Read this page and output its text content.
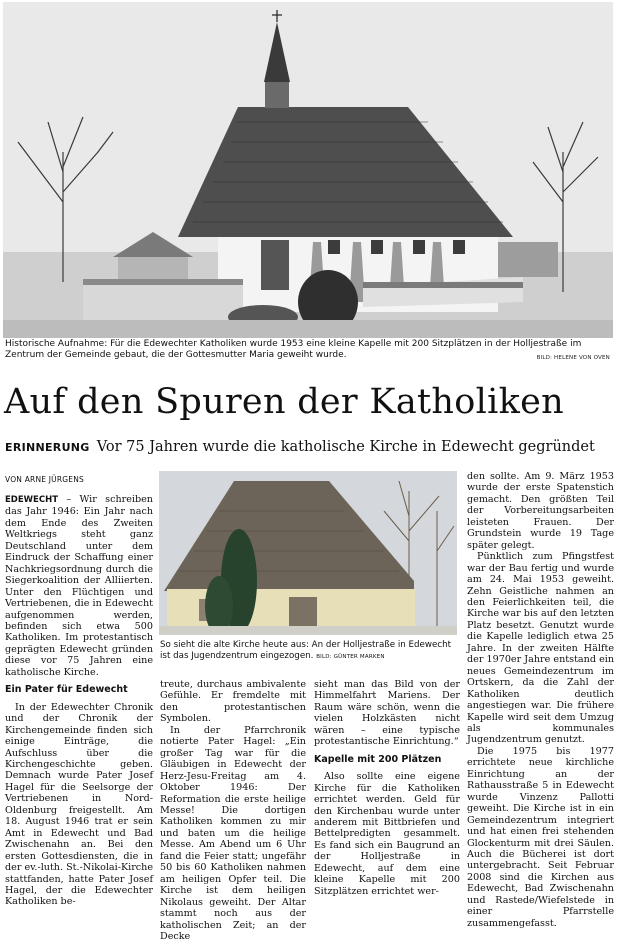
Historische Aufnahme: Für die Edewechter Katholiken wurde 1953 eine kleine Kapelle mit 200 Sitzplätzen in der Holljestraße im Zentrum der Gemeinde gebaut, die der Gottesmutter Maria geweiht wurde.	BILD: HELENE VON OVEN
Auf den Spuren der Katholiken
ERINNERUNG Vor 75 Jahren wurde die katholische Kirche in Edewecht gegründet
VON ARNE JÜRGENS

EDEWECHT – Wir schreiben das Jahr 1946: Ein Jahr nach dem Ende des Zweiten Weltkriegs steht ganz Deutschland unter dem Eindruck der Schaffung einer Nachkriegsordnung durch die Siegerkoalition der Alliierten. Unter den Flüchtigen und Vertriebenen, die in Edewecht aufgenommen werden, befinden sich etwa 500 Katholiken. Im protestantisch geprägten Edewecht gründen diese vor 75 Jahren eine katholische Kirche.

Ein Pater für Edewecht

In der Edewechter Chronik und der Chronik der Kirchengemeinde finden sich einige Einträge, die Aufschluss über die Kirchengeschichte geben. Demnach wurde Pater Josef Hagel für die Seelsorge der Vertriebenen in Nord-Oldenburg freigestellt. Am 18. August 1946 trat er sein Amt in Edewecht und Bad Zwischenahn an. Bei den ersten Gottesdiensten, die in der ev.-luth. St.-Nikolai-Kirche stattfanden, hatte Pater Josef Hagel, der die Edewechter Katholiken be-

So sieht die alte Kirche heute aus: An der Holljestraße in Edewecht ist das Jugendzentrum eingezogen. BILD: GÜNTER MARKEN

treute, durchaus ambivalente Gefühle. Er fremdelte mit den protestantischen Symbolen.

In der Pfarrchronik notierte Pater Hagel: „Ein großer Tag war für die Gläubigen in Edewecht der Herz-Jesu-Freitag am 4. Oktober 1946: Der Reformation die erste heilige Messe! Die dortigen Katholiken kommen zu mir und baten um die heilige Messe. Am Abend um 6 Uhr fand die Feier statt; ungefähr 50 bis 60 Katholiken nahmen am heiligen Opfer teil. Die Kirche ist dem heiligen Nikolaus geweiht. Der Altar stammt noch aus der katholischen Zeit; an der Decke

sieht man das Bild von der Himmelfahrt Mariens. Der Raum wäre schön, wenn die vielen Holzkästen nicht wären – eine typische protestantische Einrichtung.“

Kapelle mit 200 Plätzen

Also sollte eine eigene Kirche für die Katholiken errichtet werden. Geld für den Kirchenbau wurde unter anderem mit Bittbriefen und Bettelpredigten gesammelt. Es fand sich ein Baugrund an der Holljestraße in Edewecht, auf dem eine kleine Kapelle mit 200 Sitzplätzen errichtet wer-

den sollte. Am 9. März 1953 wurde der erste Spatenstich gemacht. Den größten Teil der Vorbereitungsarbeiten leisteten Frauen. Der Grundstein wurde 19 Tage später gelegt.

Pünktlich zum Pfingstfest war der Bau fertig und wurde am 24. Mai 1953 geweiht. Zehn Geistliche nahmen an den Feierlichkeiten teil, die Kirche war bis auf den letzten Platz besetzt. Genutzt wurde die Kapelle lediglich etwa 25 Jahre. In der zweiten Hälfte der 1970er Jahre entstand ein neues Gemeindezentrum im Ortskern, da die Zahl der Katholiken deutlich angestiegen war. Die frühere Kapelle wird seit dem Umzug als kommunales Jugendzentrum genutzt.

Die 1975 bis 1977 errichtete neue kirchliche Einrichtung an der Rathausstraße 5 in Edewecht wurde Vinzenz Pallotti geweiht. Die Kirche ist in ein Gemeindezentrum integriert und hat einen frei stehenden Glockenturm mit drei Säulen. Auch die Bücherei ist dort untergebracht. Seit Februar 2008 sind die Kirchen aus Edewecht, Bad Zwischenahn und Rastede/Wiefelstede in einer Pfarrstelle zusammengefasst.
